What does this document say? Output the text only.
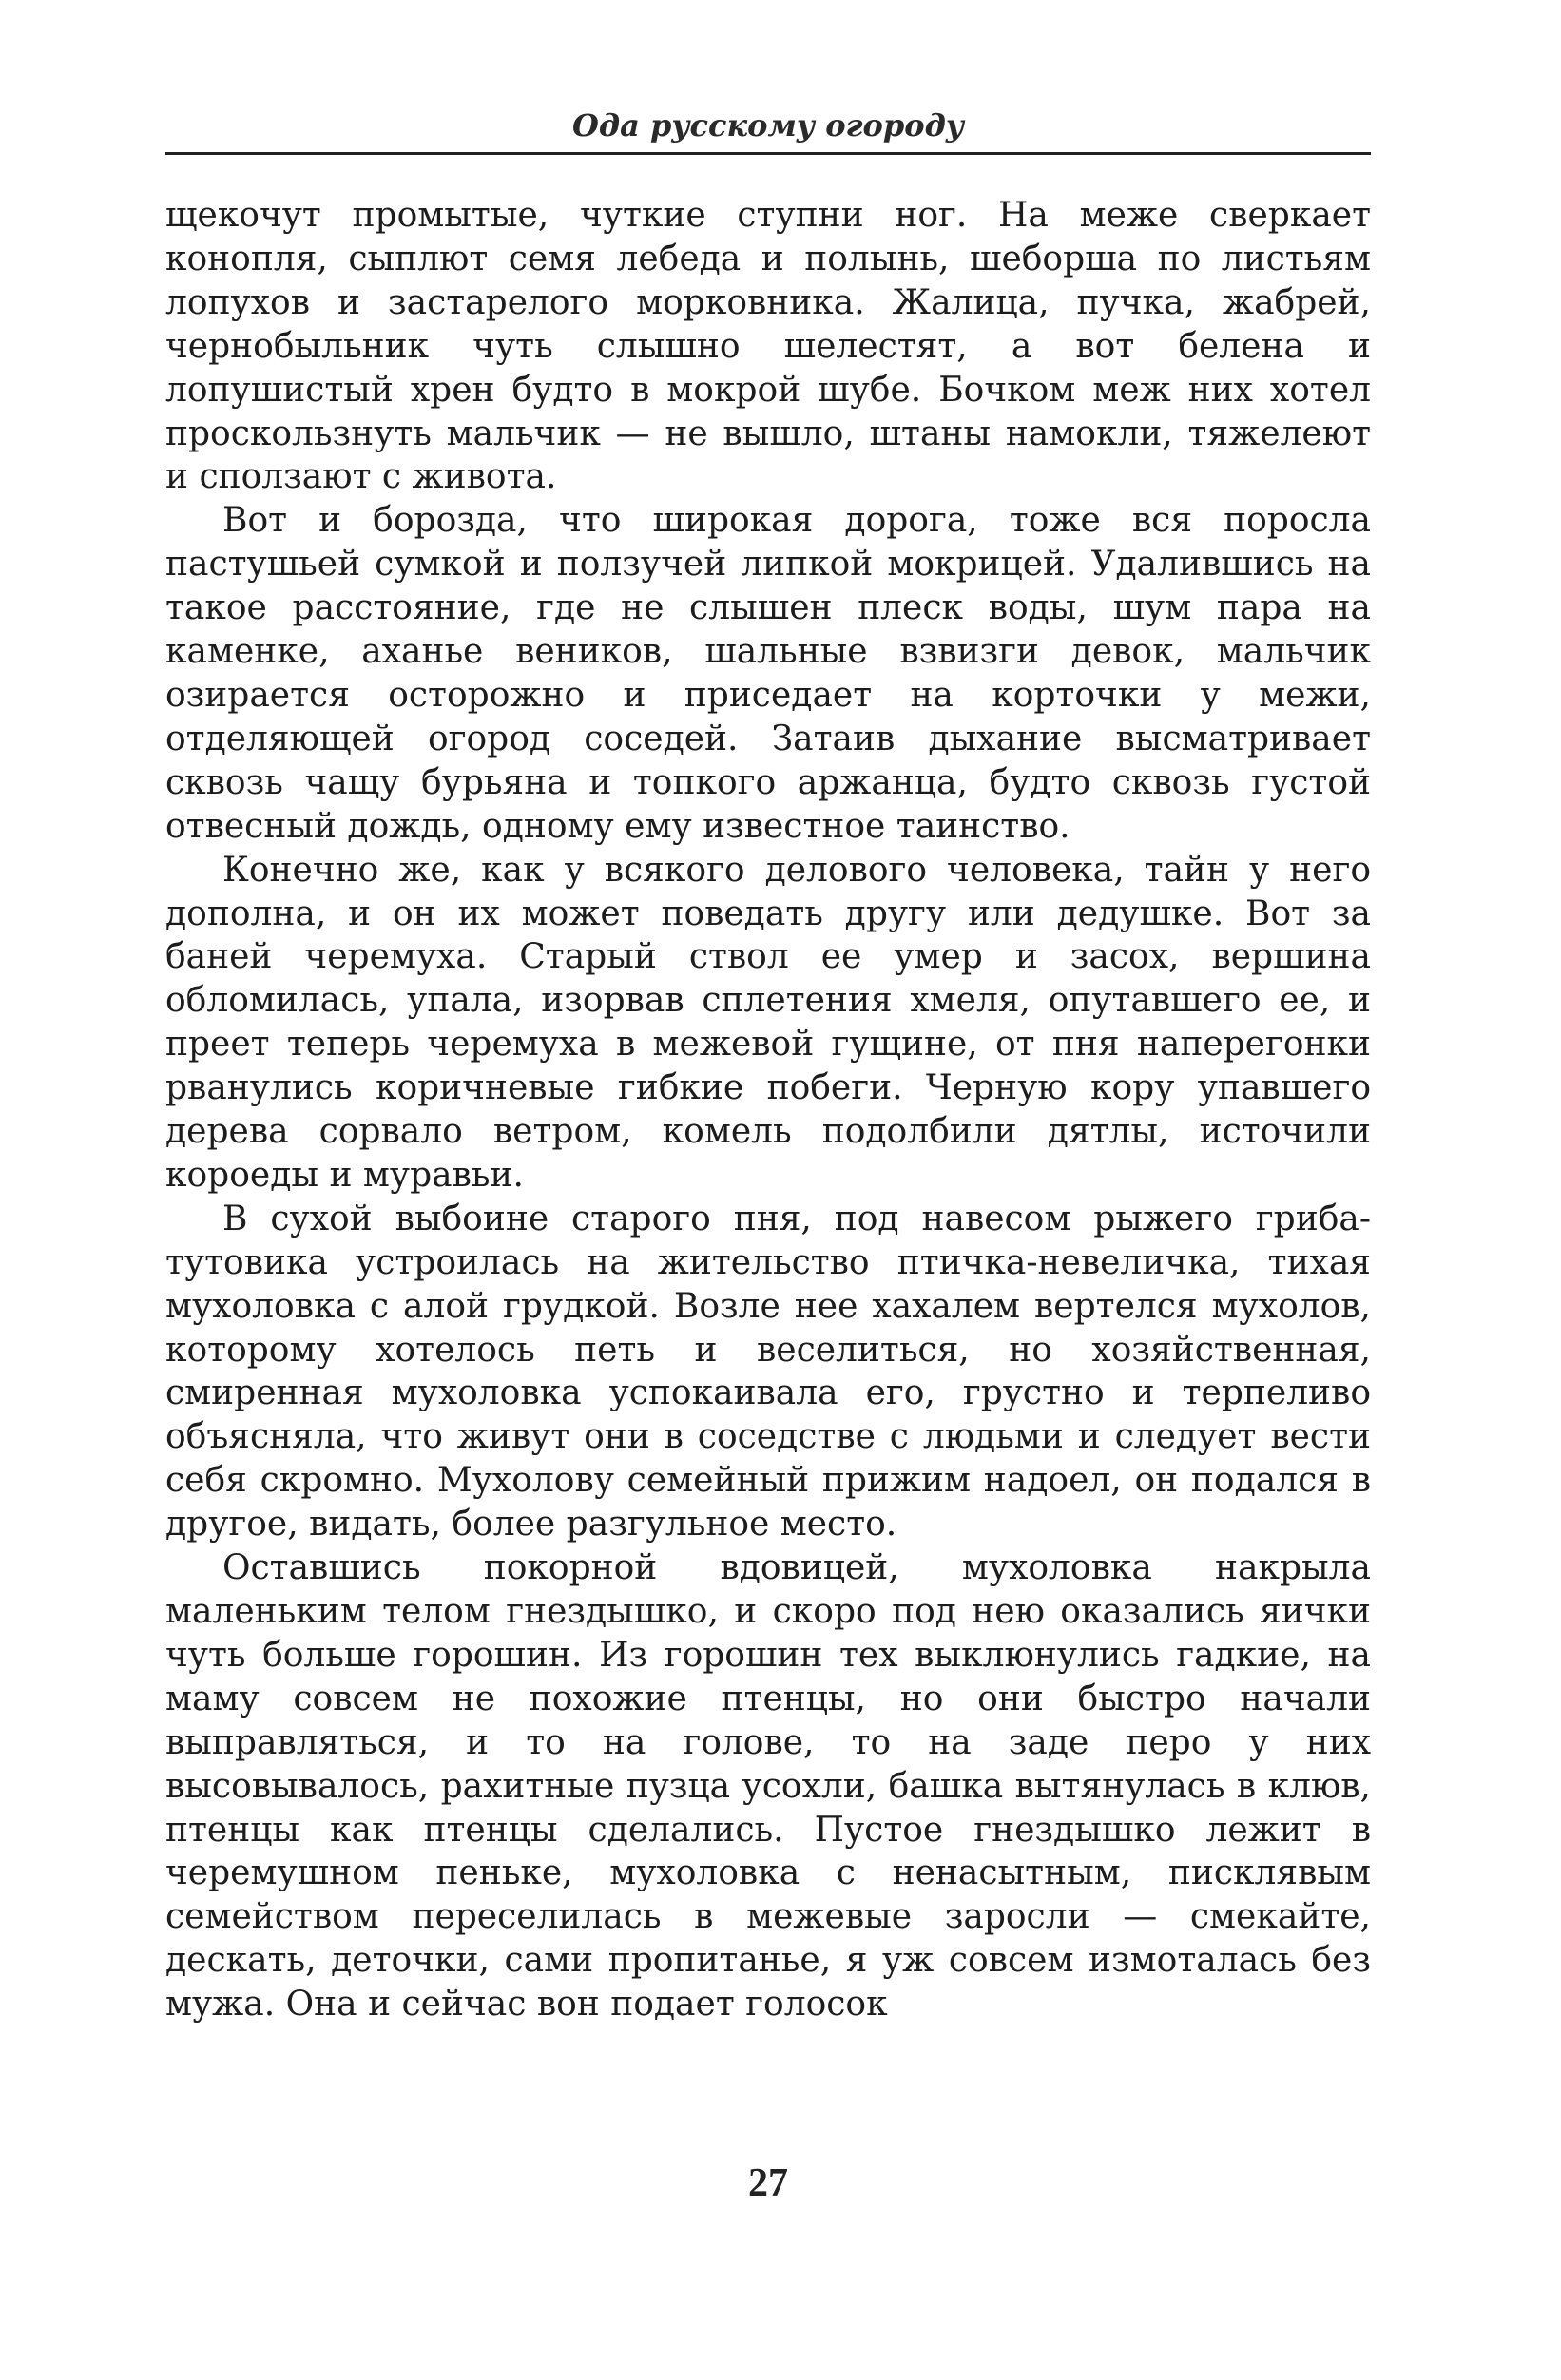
Ода русскому огороду

щекочут промытые, чуткие ступни ног. На меже сверкает конопля, сыплют семя лебеда и полынь, шеборша по листьям лопухов и застарелого морковника. Жалица, пучка, жабрей, чернобыльник чуть слышно шелестят, а вот белена и лопушистый хрен будто в мокрой шубе. Бочком меж них хотел проскользнуть мальчик — не вышло, штаны намокли, тяжелеют и сползают с живота.

Вот и борозда, что широкая дорога, тоже вся поросла пастушьей сумкой и ползучей липкой мокрицей. Удалившись на такое расстояние, где не слышен плеск воды, шум пара на каменке, аханье веников, шальные взвизги девок, мальчик озирается осторожно и приседает на корточки у межи, отделяющей огород соседей. Затаив дыхание высматривает сквозь чащу бурьяна и топкого аржанца, будто сквозь густой отвесный дождь, одному ему известное таинство.

Конечно же, как у всякого делового человека, тайн у него дополна, и он их может поведать другу или дедушке. Вот за баней черемуха. Старый ствол ее умер и засох, вершина обломилась, упала, изорвав сплетения хмеля, опутавшего ее, и преет теперь черемуха в межевой гущине, от пня наперегонки рванулись коричневые гибкие побеги. Черную кору упавшего дерева сорвало ветром, комель подолбили дятлы, источили короеды и муравьи.

В сухой выбоине старого пня, под навесом рыжего гриба-тутовика устроилась на жительство птичка-невеличка, тихая мухоловка с алой грудкой. Возле нее хахалем вертелся мухолов, которому хотелось петь и веселиться, но хозяйственная, смиренная мухоловка успокаивала его, грустно и терпеливо объясняла, что живут они в соседстве с людьми и следует вести себя скромно. Мухолову семейный прижим надоел, он подался в другое, видать, более разгульное место.

Оставшись покорной вдовицей, мухоловка накрыла маленьким телом гнездышко, и скоро под нею оказались яички чуть больше горошин. Из горошин тех выклюнулись гадкие, на маму совсем не похожие птенцы, но они быстро начали выправляться, и то на голове, то на заде перо у них высовывалось, рахитные пузца усохли, башка вытянулась в клюв, птенцы как птенцы сделались. Пустое гнездышко лежит в черемушном пеньке, мухоловка с ненасытным, писклявым семейством переселилась в межевые заросли — смекайте, дескать, деточки, сами пропитанье, я уж совсем измоталась без мужа. Она и сейчас вон подает голосок

27
